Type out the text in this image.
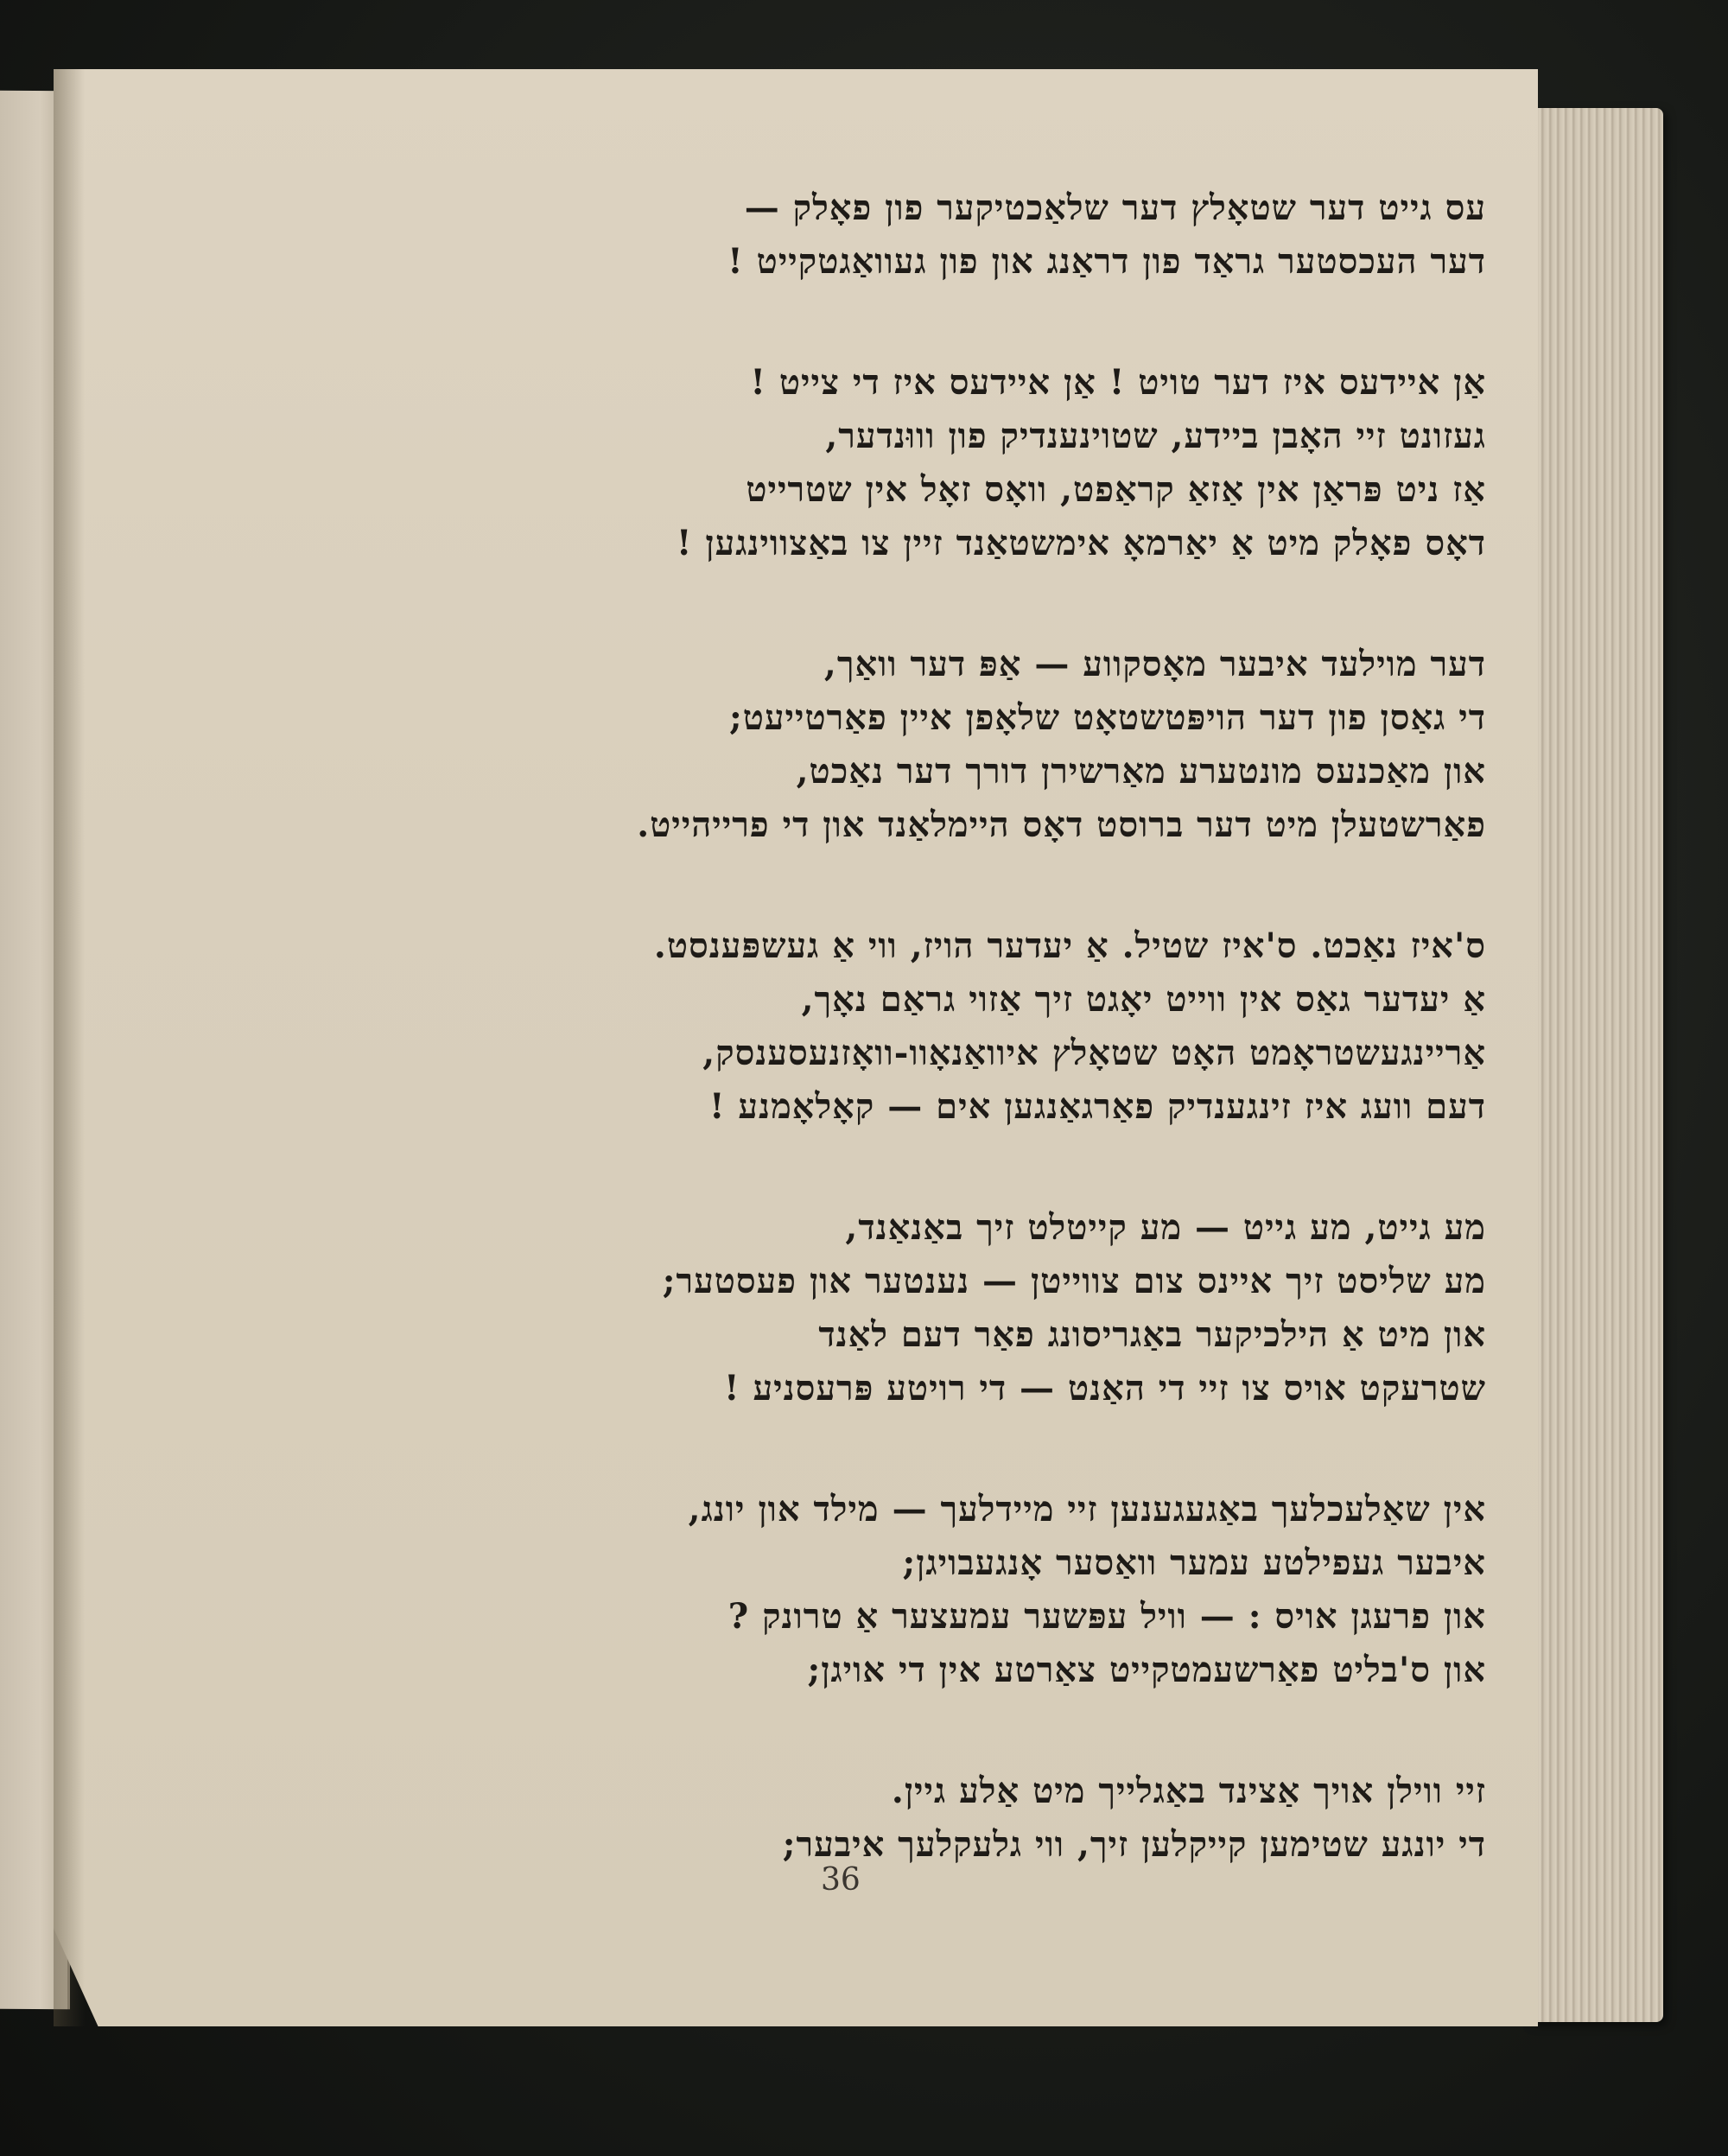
עס גייט דער שטאָלץ דער שלאַכטיקער פון פאָלק —
דער העכסטער גראַד פון דראַנג און פון געוואַגטקייט !
אַן איידעס איז דער טויט ! אַן איידעס איז די צייט !
געזונט זיי האָבן ביידע, שטוינענדיק פון וווּנדער,
אַז ניט פּראַן אין אַזאַ קראַפט, וואָס זאָל אין שטרייט
דאָס פאָלק מיט אַ יאַרמאָ אימשטאַנד זיין צו באַצווינגען !
דער מוילעד איבער מאָסקווע — אַפּ דער וואַך,
די גאַסן פון דער הויפּטשטאָט שלאָפן איין פאַרטייעט;
און מאַכנעס מונטערע מאַרשירן דורך דער נאַכט,
פאַרשטעלן מיט דער ברוסט דאָס היימלאַנד און די פרייהייט.
ס'איז נאַכט. ס'איז שטיל. אַ יעדער הויז, ווי אַ געשפּענסט.
אַ יעדער גאַס אין ווייט יאָגט זיך אַזוי גראַם נאָך,
אַריינגעשטראָמט האָט שטאָלץ איוואַנאָוו-וואָזנעסענסק,
דעם וועג איז זינגענדיק פאַרגאַנגען אים — קאָלאָמנע !
מע גייט, מע גייט — מע קייטלט זיך באַנאַנד,
מע שליסט זיך איינס צום צווייטן — נענטער און פעסטער;
און מיט אַ הילכיקער באַגריסונג פאַר דעם לאַנד
שטרעקט אויס צו זיי די האַנט — די רויטע פּרעסניע !
אין שאַלעכלעך באַגעגענען זיי מיידלעך — מילד און יונג,
איבער געפילטע עמער וואַסער אָנגעבויגן;
און פרעגן אויס : — וויל עפּשער עמעצער אַ טרונק ?
און ס'בליט פאַרשעמטקייט צאַרטע אין די אויגן;
זיי ווילן אויך אַצינד באַגלייך מיט אַלע גיין.
די יונגע שטימען קייקלען זיך, ווי גלעקלעך איבער;
36
